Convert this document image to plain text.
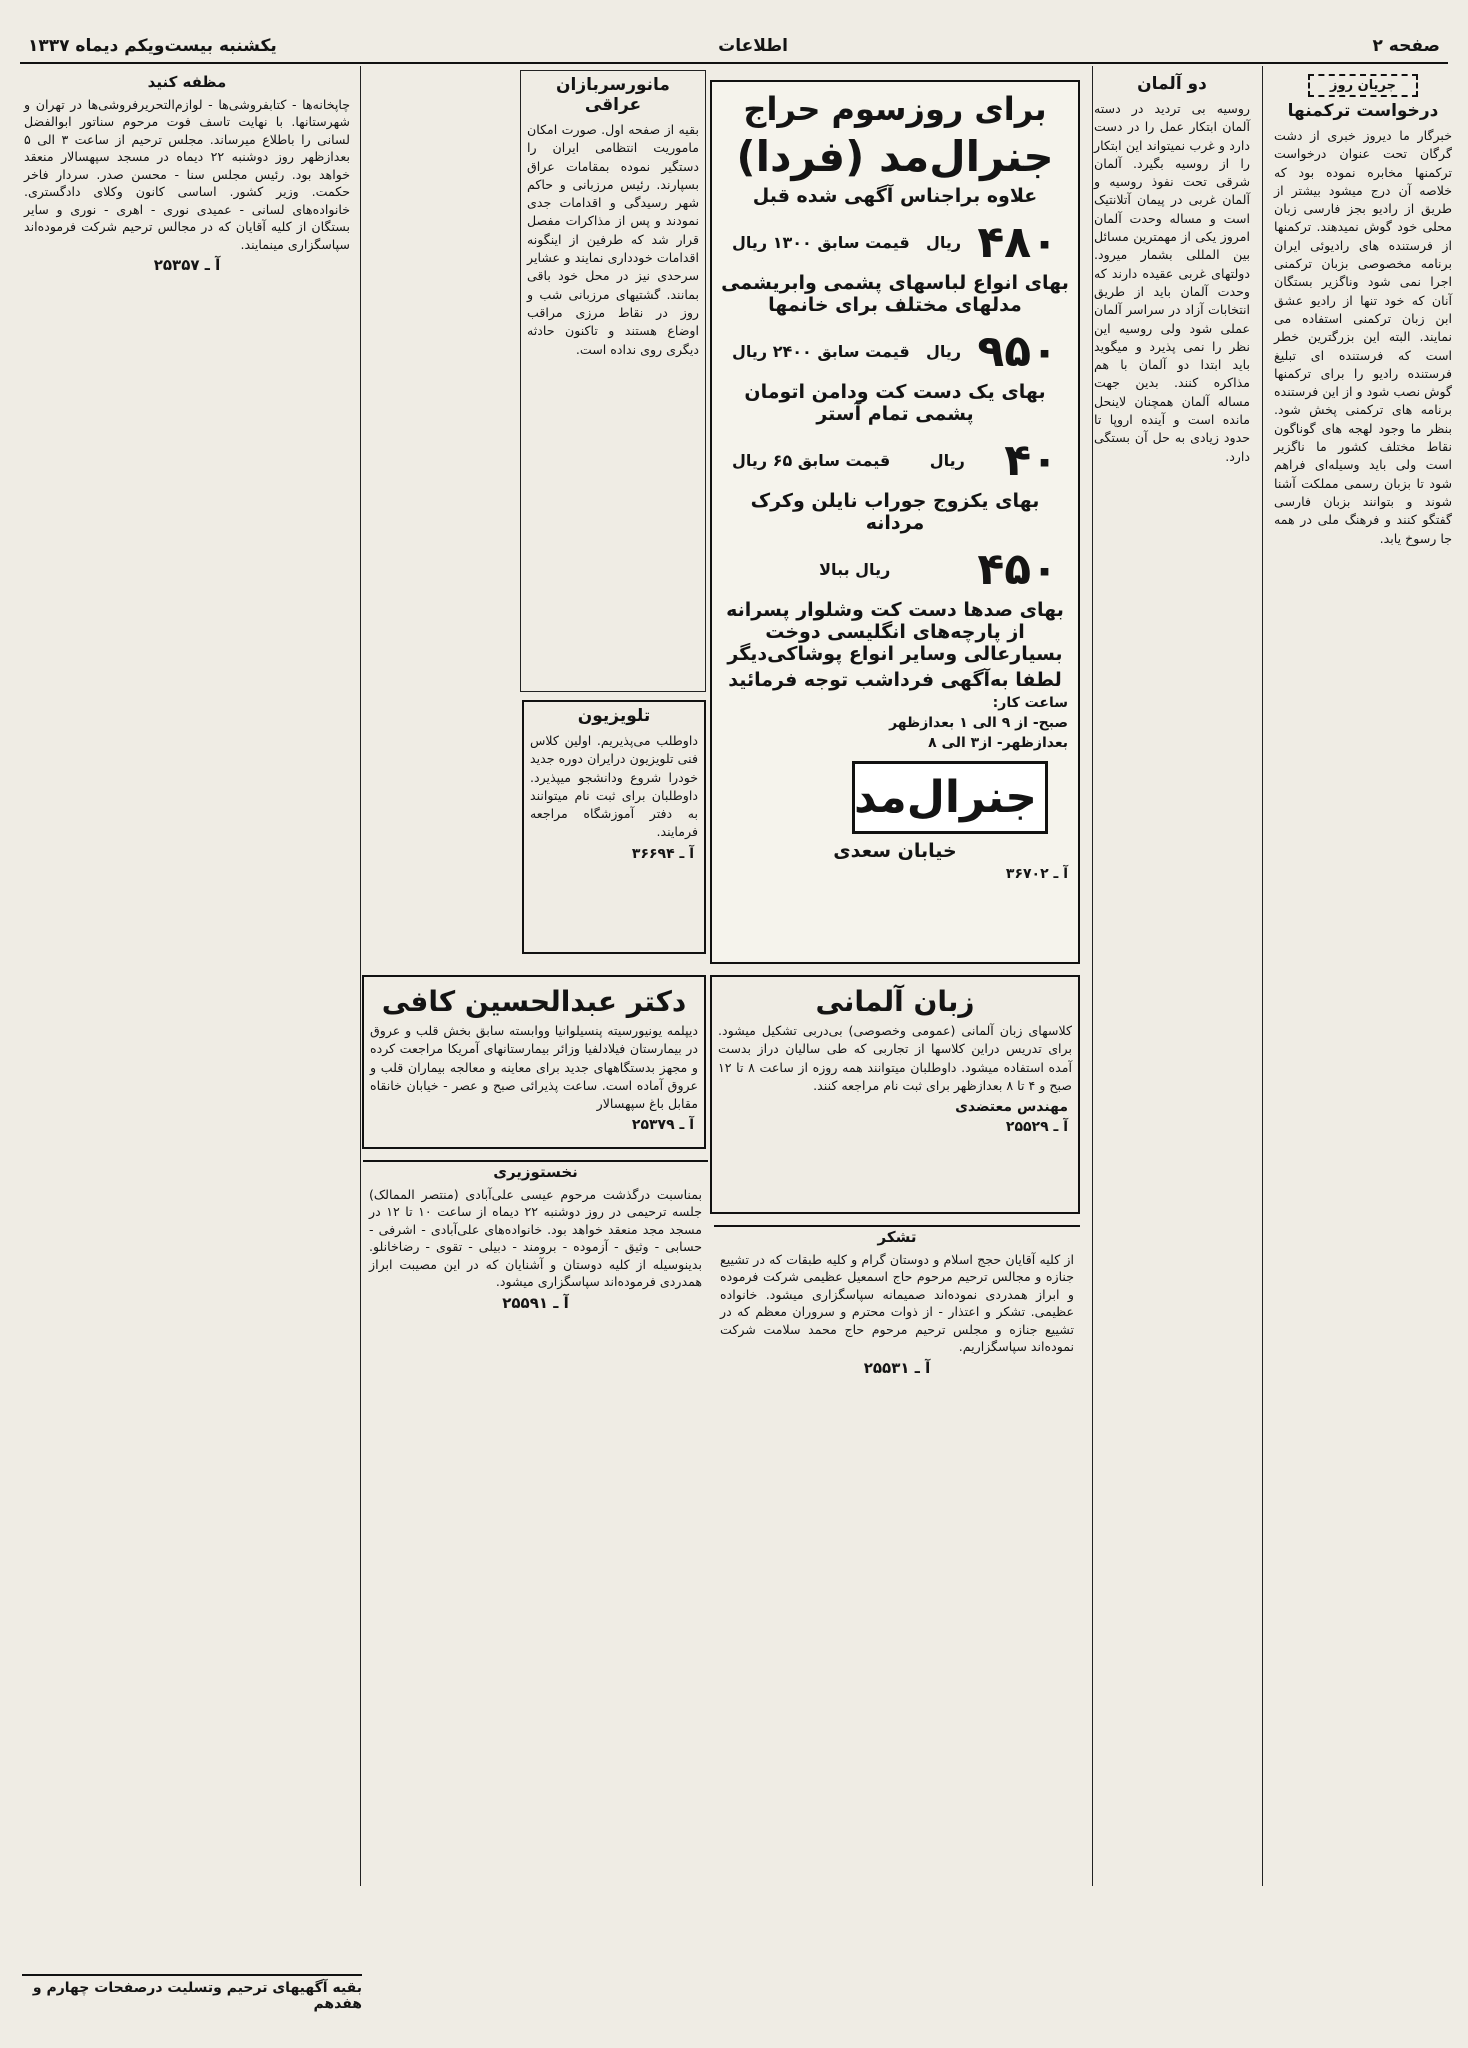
صفحه ۲
اطلاعات
یکشنبه بیست‌ویکم دیماه ۱۳۳۷
جریان روز
درخواست ترکمنها

خبرگار ما دیروز خبری از دشت گرگان تحت عنوان درخواست ترکمنها مخابره نموده بود که خلاصه آن درج میشود بیشتر از طریق از رادیو بجز فارسی زبان محلی خود گوش نمیدهند. ترکمنها از فرستنده های رادیوئی ایران برنامه مخصوصی بزبان ترکمنی اجرا نمی شود وناگزیر بستگان آنان که خود تنها از رادیو عشق ابن زبان ترکمنی استفاده می نمایند. البته این بزرگترین خطر است که فرستنده ای تبلیغ فرستنده رادیو را برای ترکمنها گوش نصب شود و از این فرستنده برنامه های ترکمنی پخش شود. بنظر ما وجود لهجه های گوناگون نقاط مختلف کشور ما ناگزیر است ولی باید وسیله‌ای فراهم شود تا بزبان رسمی مملکت آشنا شوند و بتوانند بزبان فارسی گفتگو کنند و فرهنگ ملی در همه جا رسوخ یابد.

دو آلمان

روسیه بی تردید در دسته آلمان ابتکار عمل را در دست دارد و غرب نمیتواند این ابتکار را از روسیه بگیرد. آلمان شرقی تحت نفوذ روسیه و آلمان غربی در پیمان آتلانتیک است و مساله وحدت آلمان امروز یکی از مهمترین مسائل بین المللی بشمار میرود. دولتهای غربی عقیده دارند که وحدت آلمان باید از طریق انتخابات آزاد در سراسر آلمان عملی شود ولی روسیه این نظر را نمی پذیرد و میگوید باید ابتدا دو آلمان با هم مذاکره کنند. بدین جهت مساله آلمان همچنان لاینحل مانده است و آینده اروپا تا حدود زیادی به حل آن بستگی دارد.

برای روزسوم حراج
جنرال‌مد (فردا)
علاوه براجناس آگهی شده قبل
۴۸۰
ریال
قیمت سابق ۱۳۰۰ ریال
بهای انواع لباسهای پشمی وابریشمی مدلهای مختلف برای خانمها
۹۵۰
ریال
قیمت سابق ۲۴۰۰ ریال
بهای یک دست کت ودامن اتومان پشمی تمام آستر
۴۰
ریال
قیمت سابق ۶۵ ریال
بهای یکزوج جوراب نایلن وکرک مردانه
۴۵۰
ریال ببالا
بهای صدها دست کت وشلوار پسرانه از پارچه‌های انگلیسی دوخت بسیارعالی وسایر انواع پوشاکی‌دیگر
لطفا به‌آگهی فرداشب توجه فرمائید
ساعت کار:
صبح- از ۹ الی ۱ بعدازظهر
بعدازظهر- از۳ الی ۸
جنرال‌مد
خیابان سعدی
آ ـ ۳۶۷۰۲
مانورسربازان عراقی

بقیه از صفحه اول. صورت امکان ماموریت انتظامی ایران را دستگیر نموده بمقامات عراق بسپارند. رئیس مرزبانی و حاکم شهر رسیدگی و اقدامات جدی نمودند و پس از مذاکرات مفصل قرار شد که طرفین از اینگونه اقدامات خودداری نمایند و عشایر سرحدی نیز در محل خود باقی بمانند. گشتیهای مرزبانی شب و روز در نقاط مرزی مراقب اوضاع هستند و تاکنون حادثه دیگری روی نداده است.

تلویزیون

داوطلب می‌پذیریم. اولین کلاس فنی تلویزیون درایران دوره جدید خودرا شروع ودانشجو میپذیرد. داوطلبان برای ثبت نام میتوانند به دفتر آموزشگاه مراجعه فرمایند.

آ ـ ۳۶۶۹۴
زبان آلمانی

کلاسهای زبان آلمانی (عمومی وخصوصی) بی‌دربی تشکیل میشود. برای تدریس دراین کلاسها از تجاربی که طی سالیان دراز بدست آمده استفاده میشود. داوطلبان میتوانند همه روزه از ساعت ۸ تا ۱۲ صبح و ۴ تا ۸ بعدازظهر برای ثبت نام مراجعه کنند.

مهندس معتضدی
آ ـ ۲۵۵۲۹
دکتر عبدالحسین کافی

دیپلمه یونیورسیته پنسیلوانیا ووابسته سابق بخش قلب و عروق در بیمارستان فیلادلفیا وزائر بیمارستانهای آمریکا مراجعت کرده و مجهز بدستگاههای جدید برای معاینه و معالجه بیماران قلب و عروق آماده است. ساعت پذیرائی صبح و عصر - خیابان خانقاه مقابل باغ سپهسالار

آ ـ ۲۵۳۷۹

نخستوزیری

بمناسبت درگذشت مرحوم عیسی علی‌آبادی (منتصر الممالک) جلسه ترحیمی در روز دوشنبه ۲۲ دیماه از ساعت ۱۰ تا ۱۲ در مسجد مجد منعقد خواهد بود. خانواده‌های علی‌آبادی - اشرفی - حسابی - وثیق - آزموده - برومند - دبیلی - تقوی - رضاخانلو. بدینوسیله از کلیه دوستان و آشنایان که در این مصیبت ابراز همدردی فرموده‌اند سپاسگزاری میشود.

آ ـ ۲۵۵۹۱

تشکر

از کلیه آقایان حجج اسلام و دوستان گرام و کلیه طبقات که در تشییع جنازه و مجالس ترحیم مرحوم حاج اسمعیل عظیمی شرکت فرموده و ابراز همدردی نموده‌اند صمیمانه سپاسگزاری میشود. خانواده عظیمی. تشکر و اعتذار - از ذوات محترم و سروران معظم که در تشییع جنازه و مجلس ترحیم مرحوم حاج محمد سلامت شرکت نموده‌اند سپاسگزاریم.

آ ـ ۲۵۵۳۱

مظفه کنید

چاپخانه‌ها - کتابفروشی‌ها - لوازم‌التحریرفروشی‌ها در تهران و شهرستانها. با نهایت تاسف فوت مرحوم سناتور ابوالفضل لسانی را باطلاع میرساند. مجلس ترحیم از ساعت ۳ الی ۵ بعدازظهر روز دوشنبه ۲۲ دیماه در مسجد سپهسالار منعقد خواهد بود. رئیس مجلس سنا - محسن صدر. سردار فاخر حکمت. وزیر کشور. اساسی کانون وکلای دادگستری. خانواده‌های لسانی - عمیدی نوری - اهری - نوری و سایر بستگان از کلیه آقایان که در مجالس ترحیم شرکت فرموده‌اند سپاسگزاری مینمایند.

آ ـ ۲۵۳۵۷

بقیه آگهیهای ترحیم وتسلیت درصفحات چهارم و هفدهم
